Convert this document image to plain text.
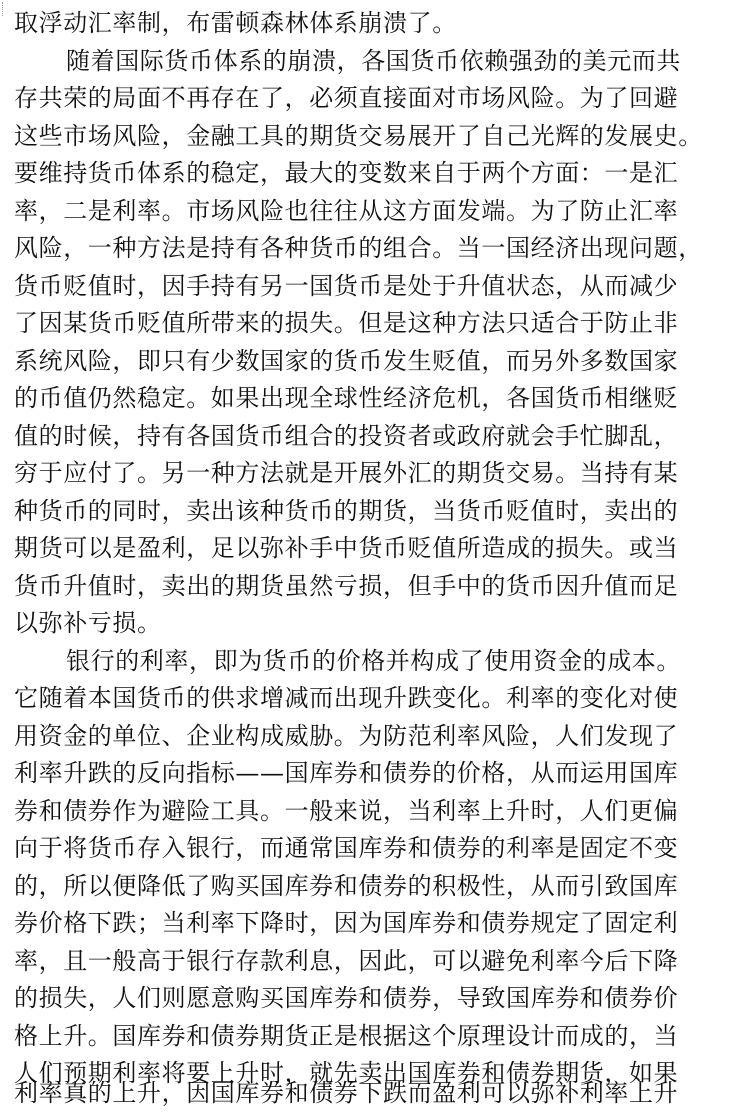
取浮动汇率制，布雷顿森林体系崩溃了。
随着国际货币体系的崩溃，各国货币依赖强劲的美元而共
存共荣的局面不再存在了，必须直接面对市场风险。为了回避
这些市场风险，金融工具的期货交易展开了自己光辉的发展史。
要维持货币体系的稳定，最大的变数来自于两个方面：一是汇
率，二是利率。市场风险也往往从这方面发端。为了防止汇率
风险，一种方法是持有各种货币的组合。当一国经济出现问题，
货币贬值时，因手持有另一国货币是处于升值状态，从而减少
了因某货币贬值所带来的损失。但是这种方法只适合于防止非
系统风险，即只有少数国家的货币发生贬值，而另外多数国家
的币值仍然稳定。如果出现全球性经济危机，各国货币相继贬
值的时候，持有各国货币组合的投资者或政府就会手忙脚乱，
穷于应付了。另一种方法就是开展外汇的期货交易。当持有某
种货币的同时，卖出该种货币的期货，当货币贬值时，卖出的
期货可以是盈利，足以弥补手中货币贬值所造成的损失。或当
货币升值时，卖出的期货虽然亏损，但手中的货币因升值而足
以弥补亏损。
银行的利率，即为货币的价格并构成了使用资金的成本。
它随着本国货币的供求增减而出现升跌变化。利率的变化对使
用资金的单位、企业构成威胁。为防范利率风险，人们发现了
利率升跌的反向指标——国库券和债券的价格，从而运用国库
券和债券作为避险工具。一般来说，当利率上升时，人们更偏
向于将货币存入银行，而通常国库券和债券的利率是固定不变
的，所以便降低了购买国库券和债券的积极性，从而引致国库
券价格下跌；当利率下降时，因为国库券和债券规定了固定利
率，且一般高于银行存款利息，因此，可以避免利率今后下降
的损失，人们则愿意购买国库券和债券，导致国库券和债券价
格上升。国库券和债券期货正是根据这个原理设计而成的，当
人们预期利率将要上升时，就先卖出国库券和债券期货，如果
利率真的上升，因国库券和债券下跌而盈利可以弥补利率上升
